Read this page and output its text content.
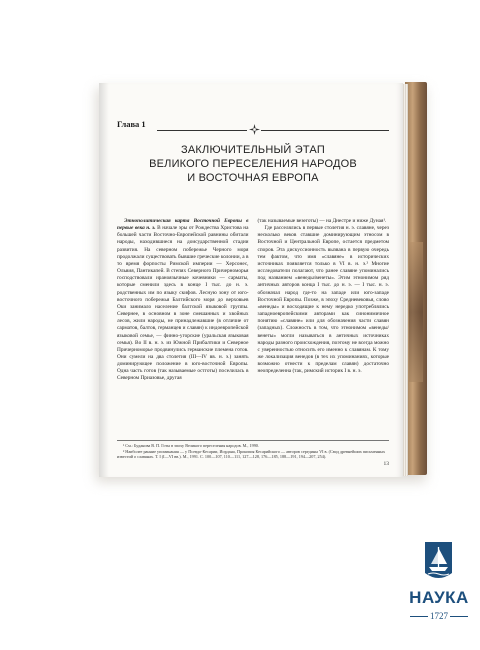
Глава 1
ЗАКЛЮЧИТЕЛЬНЫЙ ЭТАП
ВЕЛИКОГО ПЕРЕСЕЛЕНИЯ НАРОДОВ
И ВОСТОЧНАЯ ЕВРОПА

Этнополитическая карта Восточной Европы в первые века н. э. В начале эры от Рождества Христова на большей части Восточно-Европейской равнины обитали народы, находившиеся на доисударственной стадии развития. На северном побережье Черного моря продолжали существовать бывшие греческие колонии, а в то время форпосты Римской империи — Херсонес, Ольвия, Пантикапей. В степях Северного Причерноморья господствовали ираноязычные кочевники — сарматы, которые сменили здесь в конце I тыс. до н. э. родственных им по языку скифов. Лесную зону от юго-восточного побережья Балтийского моря до верховьев Оки занимало население балтской языковой группы. Севернее, в основном в зоне смешанных и хвойных лесов, жили народы, не принадлежавшие (в отличие от сарматов, балтов, германцев и славян) к индоевропейской языковой семье, — финно-угорские (уральская языковая семья). Во II в. н. э. из Южной Прибалтики и Северное Причерноморье продвинулись германские племена готов. Они сумели на два столетия (III—IV вв. н. э.) занять доминирующее положение в юго-восточной Европы. Одна часть готов (так называемые остготы) поселилась в Северном Приазовье, другая

(так называемые везеготы) — на Днестре и ниже Дуная¹.

Где расселялись в первые столетия н. э. славяне, через несколько веков ставшие доминирующим этносом в Восточной и Центральной Европе, остается предметом споров. Эта дискуссионность вызвана в первую очередь тем фактом, что имя «славяне» в исторических источниках появляется только в VI в. н. э.² Многие исследователи полагают, что ранее славяне упоминались под названием «венеды/венеты». Этим этнонимом ряд античных авторов конца I тыс. до н. э. — I тыс. н. э. обозначал народ где-то на западе или юго-западе Восточной Европы. Позже, в эпоху Средневековья, слово «венеды» и восходящие к нему нередко употреблялись западноевропейскими авторами как синонимичное понятию «славяне» или для обозначения части славян (западных). Сложность в том, что этнонимом «венеды/венеты» могли называться в античных источниках народы разного происхождения, поэтому не всегда можно с уверенностью относить его именно к славянам. К тому же локализация венедов (в тех их упоминаниях, которые возможно отнести к пределам славян) достаточно неопределенна (так, римский историк I в. н. э.

¹ См.: Буданова В. П. Готы в эпоху Великого переселения народов. М., 1990.

² Наиболее ранние упоминания — у Псевдо-Кесарии, Иордана, Прокопия Кесарийского — авторов середины VI в. (Свод древнейших письменных известий о славянах. Т. I (I—VI вв.). М., 1991. С. 100—107, 110—111, 127—128, 176—185, 188—191, 194—207, 254).

13
НАУКА
1727
